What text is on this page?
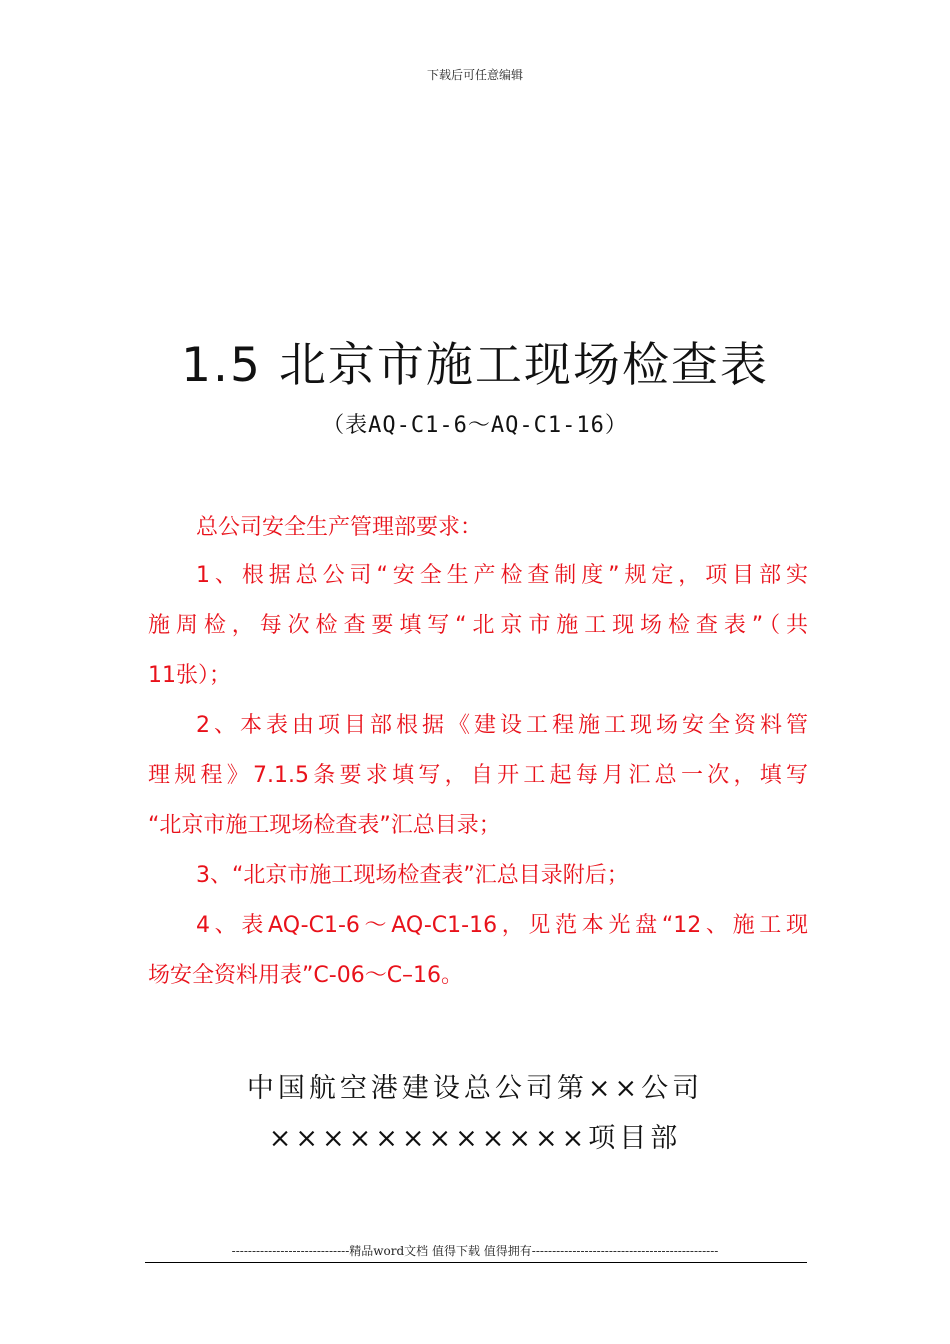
下载后可任意编辑
1.5 北京市施工现场检查表
（表AQ-C1-6～AQ-C1-16）
总公司安全生产管理部要求：
1、根据总公司“安全生产检查制度”规定，项目部实
施周检，每次检查要填写“北京市施工现场检查表”（共
11张）；
2、本表由项目部根据《建设工程施工现场安全资料管
理规程》7.1.5条要求填写，自开工起每月汇总一次，填写
“北京市施工现场检查表”汇总目录；
3、“北京市施工现场检查表”汇总目录附后；
4、表AQ-C1-6～AQ-C1-16，见范本光盘“12、施工现
场安全资料用表”C-06～C–16。
中国航空港建设总公司第××公司
××××××××××××项目部
-----------------------------精品word文档 值得下载 值得拥有----------------------------------------------
